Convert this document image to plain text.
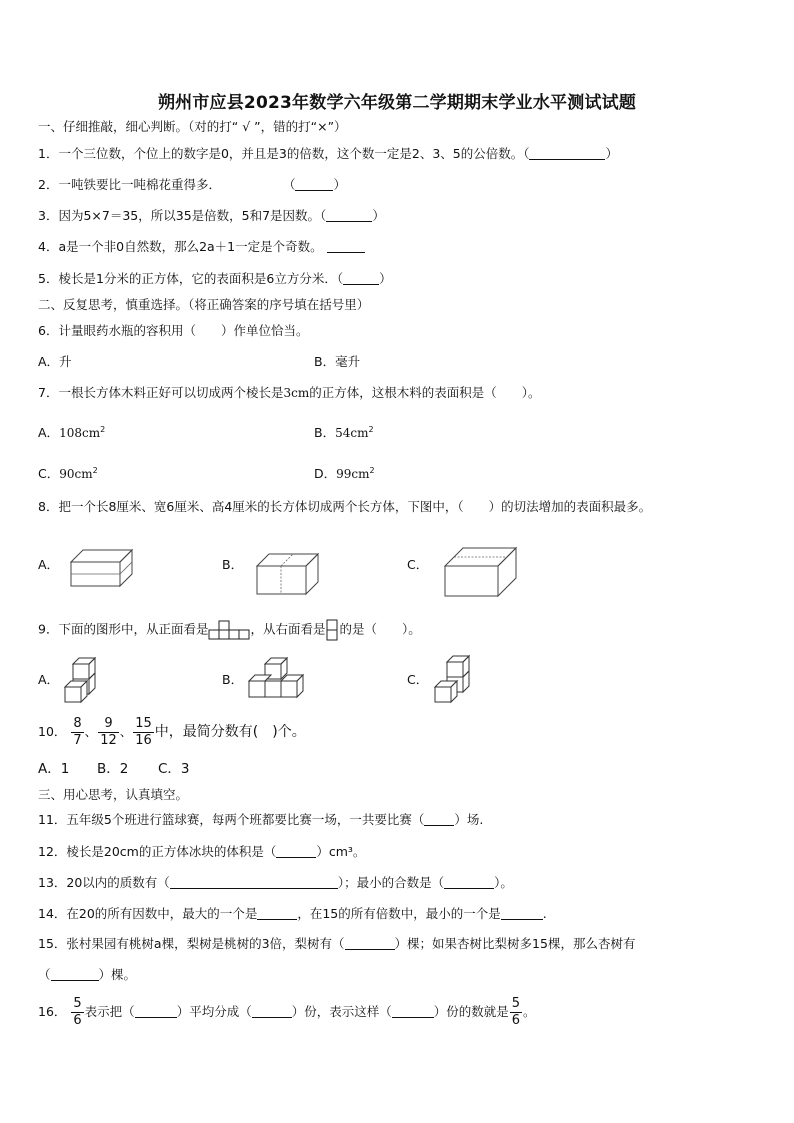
朔州市应县2023年数学六年级第二学期期末学业水平测试试题
一、仔细推敲，细心判断。（对的打“ √ ”，错的打“×”）
1．一个三位数，个位上的数字是0，并且是3的倍数，这个数一定是2、3、5的公倍数。（	）
2．一吨铁要比一吨棉花重得多．	（	）
3．因为5×7＝35，所以35是倍数，5和7是因数。（	）
4．a是一个非0自然数，那么2a＋1一定是个奇数。
5．棱长是1分米的正方体，它的表面积是6立方分米．（	）
二、反复思考，慎重选择。（将正确答案的序号填在括号里）
6．计量眼药水瓶的容积用（　　）作单位恰当。
A．升	B．毫升
7．一根长方体木料正好可以切成两个棱长是3cm的正方体，这根木料的表面积是（　　）。
A．$108cm^2$	B．$54cm^2$
C．$90cm^2$	D．$99cm^2$
8．把一个长8厘米、宽6厘米、高4厘米的长方体切成两个长方体，下图中，（　　）的切法增加的表面积最多。
A．	B．	C．
9．下面的图形中，从正面看是	，从右面看是 的是（　　）。
A．	B．	C．
10． $\frac{8}{7}$ 、 $\frac{9}{12}$ 、 $\frac{15}{16}$ 中，最简分数有(　)个。
A．1 B．2 C．3
三、用心思考，认真填空。
11．五年级5个班进行篮球赛，每两个班都要比赛一场，一共要比赛（ ）场.
12．棱长是20cm的正方体冰块的体积是（	）cm³。
13．20以内的质数有（	）；最小的合数是（	）。
14．在20的所有因数中，最大的一个是	，在15的所有倍数中，最小的一个是	.
15．张村果园有桃树a棵，梨树是桃树的3倍，梨树有（	）棵；如果杏树比梨树多15棵，那么杏树有
（	）棵。
16． $\frac{5}{6}$ 表示把（	）平均分成（	）份，表示这样（	）份的数就是 $\frac{5}{6}$ 。
